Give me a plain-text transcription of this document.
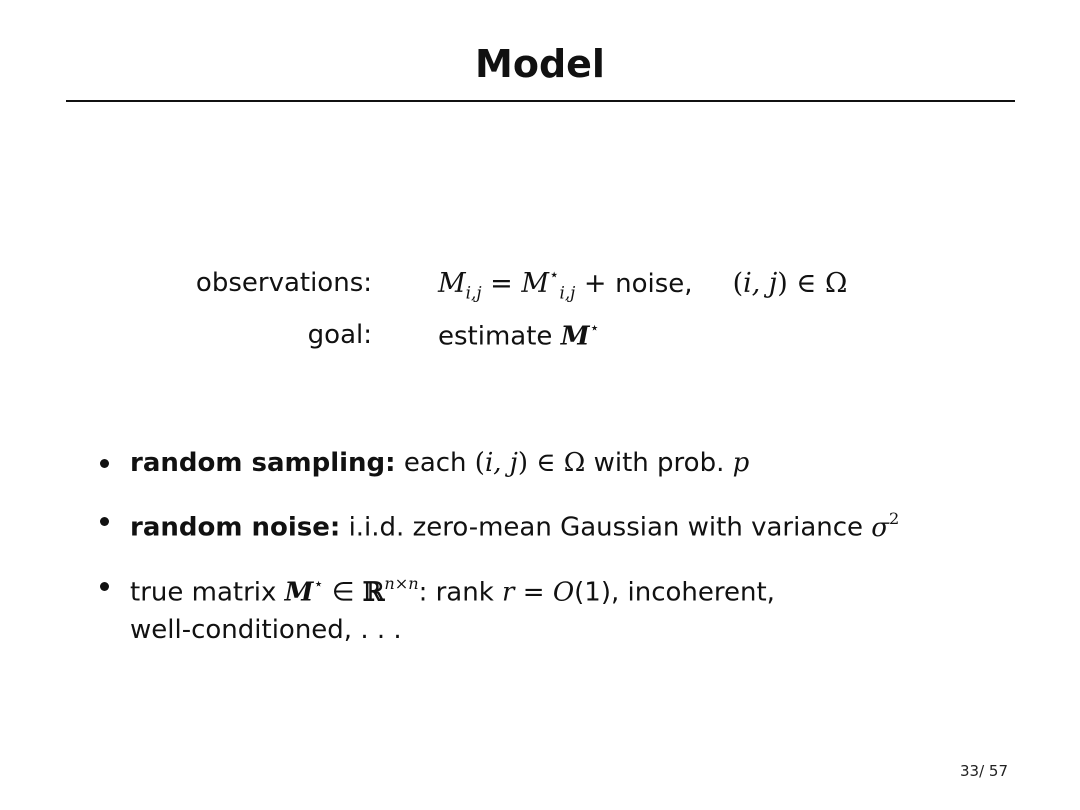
Model
observations: $M_{i,j} = M^⋆_{i,j}$ + noise, (i, j) ∈ Ω
goal:	estimate M⋆
random sampling: each (i, j) ∈ Ω with prob. p
random noise: i.i.d. zero-mean Gaussian with variance $\sigma^2$
true matrix M⋆ ∈ ℝ$^{n\times n}$: rank r = O(1), incoherent,
well-conditioned, . . .
33/ 57
